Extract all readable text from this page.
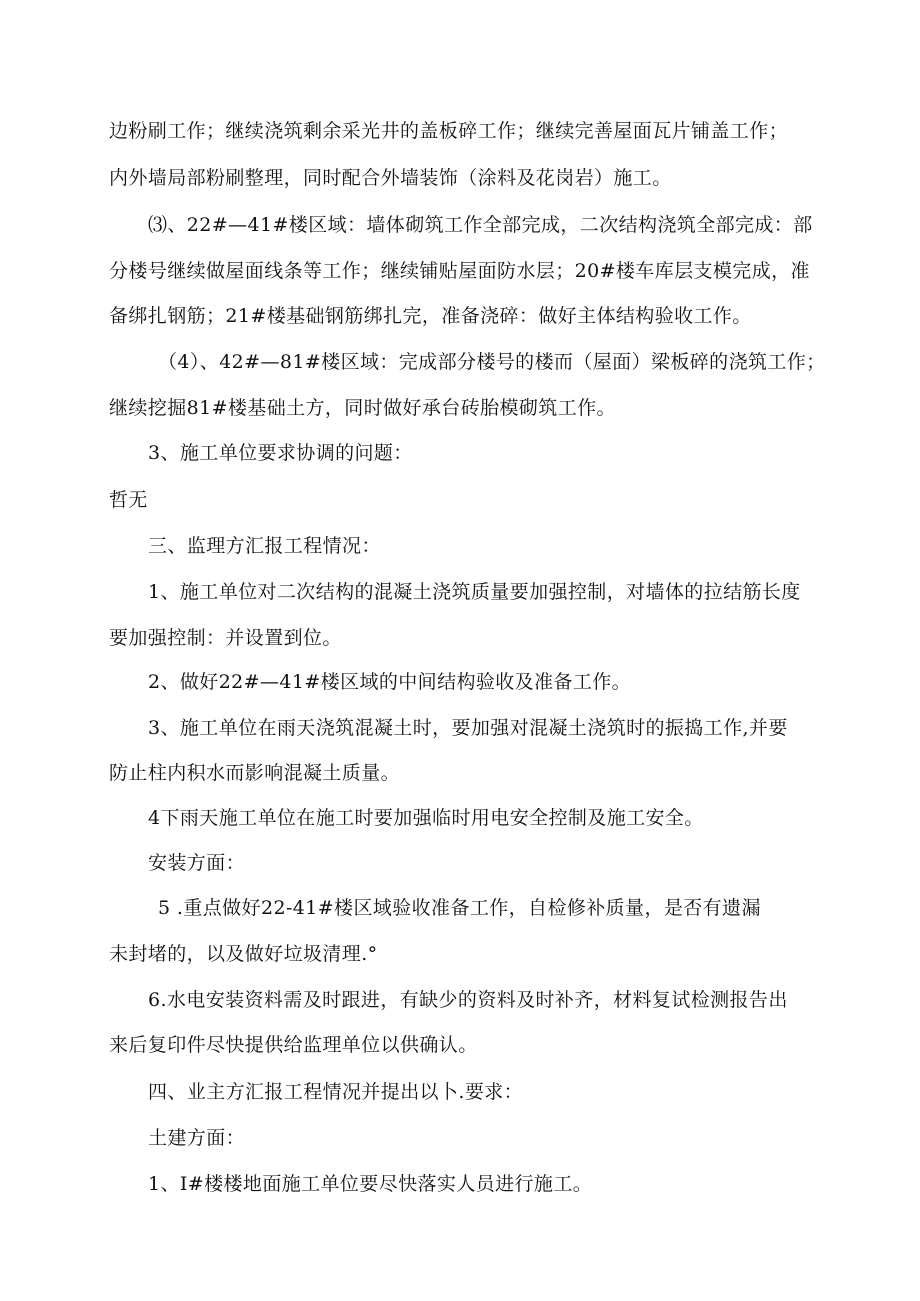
边粉刷工作；继续浇筑剩余采光井的盖板碎工作；继续完善屋面瓦片铺盖工作；
内外墙局部粉刷整理，同时配合外墙装饰（涂料及花岗岩）施工。
⑶、22#—41#楼区域：墙体砌筑工作全部完成，二次结构浇筑全部完成：部
分楼号继续做屋面线条等工作；继续铺贴屋面防水层；20#楼车库层支模完成，准
备绑扎钢筋；21#楼基础钢筋绑扎完，准备浇碎：做好主体结构验收工作。
（4）、42#—81#楼区域：完成部分楼号的楼而（屋面）梁板碎的浇筑工作；
继续挖掘81#楼基础土方，同时做好承台砖胎模砌筑工作。
3、施工单位要求协调的问题：
哲无
三、监理方汇报工程情况：
1、施工单位对二次结构的混凝土浇筑质量要加强控制，对墙体的拉结筋长度
要加强控制：并设置到位。
2、做好22#—41#楼区域的中间结构验收及准备工作。
3、施工单位在雨天浇筑混凝土时，要加强对混凝土浇筑时的振捣工作,并要
防止柱内积水而影响混凝土质量。
4下雨天施工单位在施工时要加强临时用电安全控制及施工安全。
安装方面：
5 .重点做好22-41#楼区域验收准备工作，自检修补质量，是否有遗漏
未封堵的，以及做好垃圾清理.°
6.水电安装资料需及时跟进，有缺少的资料及时补齐，材料复试检测报告出
来后复印件尽快提供给监理单位以供确认。
四、业主方汇报工程情况并提出以卜.要求：
土建方面：
1、I#楼楼地面施工单位要尽快落实人员进行施工。
